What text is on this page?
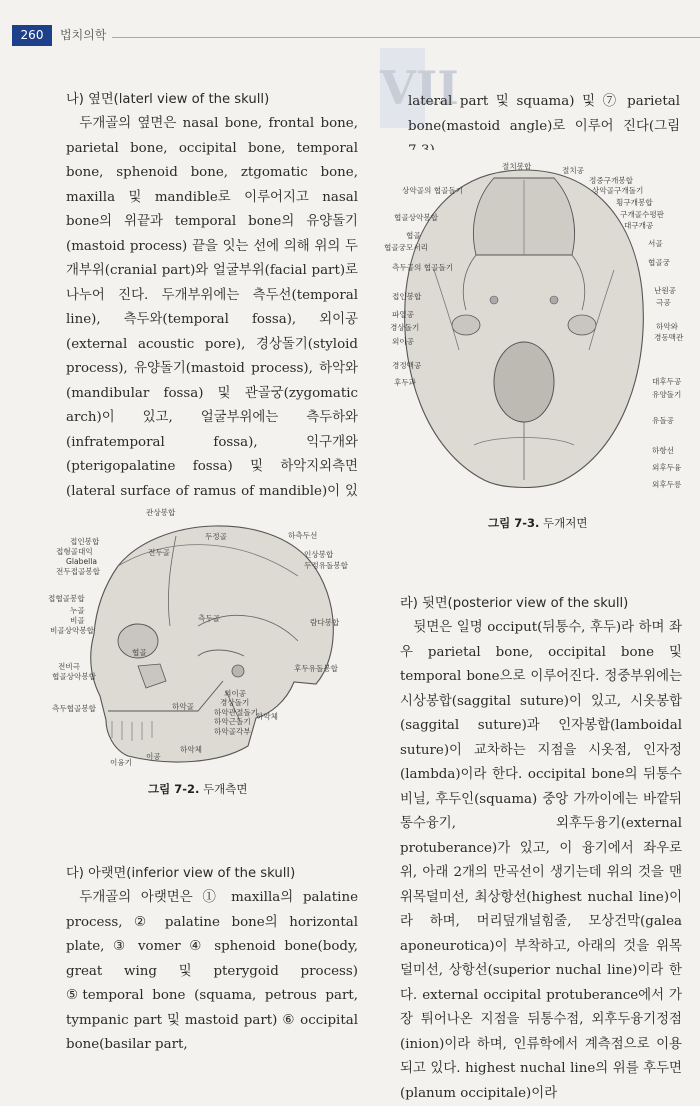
260	법치의학
VII

나) 옆면(laterl view of the skull)

두개골의 옆면은 nasal bone, frontal bone, parietal bone, occipital bone, temporal bone, sphenoid bone, ztgomatic bone, maxilla 및 mandible로 이루어지고 nasal bone의 위끝과 temporal bone의 유양돌기(mastoid process) 끝을 잇는 선에 의해 위의 두개부위(cranial part)와 얼굴부위(facial part)로 나누어 진다. 두개부위에는 측두선(temporal line), 측두와(temporal fossa), 외이공(external acoustic pore), 경상돌기(styloid process), 유양돌기(mastoid process), 하악와(mandibular fossa) 및 관골궁(zygomatic arch)이 있고, 얼굴부위에는 측두하와(infratemporal fossa), 익구개와(pterigopalatine fossa) 및 하악지외측면(lateral surface of ramus of mandible)이 있

관상봉합
두정골	하측두선
접인봉합
접형골대익
Glabella
전두골
전두접골봉합
인상봉합
두정유돌봉합
접협골봉합
누골
비골
비골상악봉합
측두골	람다봉합
전비극
협골상악봉합
협골
후두유돌봉합
외이공
경상돌기
하악관절돌기
하악근돌기
하악체
측두협골봉합	하악골
하악골각부
하악체
이융기
이공
그림 7-2. 두개측면

다) 아랫면(inferior view of the skull)

두개골의 아랫면은 ① maxilla의 palatine process, ② palatine bone의 horizontal plate, ③ vomer ④ sphenoid bone(body, great wing 및 pterygoid process) ⑤temporal bone (squama, petrous part, tympanic part 및 mastoid part) ⑥ occipital bone(basilar part,

lateral part 및 squama) 및 ⑦ parietal bone(mastoid angle)로 이루어 진다(그림

절치봉합	절치공
정중구개봉합
상악골의 협골돌기	상악골구개돌기
횡구개봉합
구개골수평판
대구개공
협골상악봉합
협골
서골
협골궁모서리
협골궁
측두골의 협골돌기
난원공
접인봉합
극공
파열공
경상돌기	하악와
외이공	경동맥관
경정맥공
대후두공
후두과
유양돌기
유돌공
하항선
외후두융
외후두릉
그림 7-3. 두개저면

라) 뒷면(posterior view of the skull)

뒷면은 일명 occiput(뒤통수, 후두)라 하며 좌우 parietal bone, occipital bone 및 temporal bone으로 이루어진다. 정중부위에는 시상봉합(saggital suture)이 있고, 시옷봉합(saggital suture)과 인자봉합(lamboidal suture)이 교차하는 지점을 시옷점, 인자정(lambda)이라 한다. occipital bone의 뒤통수비닐, 후두인(squama) 중앙 가까이에는 바깥뒤통수융기, 외후두융기(external protuberance)가 있고, 이 융기에서 좌우로 위, 아래 2개의 만곡선이 생기는데 위의 것을 맨위목덜미선, 최상항선(highest nuchal line)이라 하며, 머리덮개널힘줄, 모상건막(galea aponeurotica)이 부착하고, 아래의 것을 위목덜미선, 상항선(superior nuchal line)이라 한다. external occipital protuberance에서 가장 튀어나온 지점을 뒤통수점, 외후두융기정점(inion)이라 하며, 인류학에서 계측점으로 이용되고 있다. highest nuchal line의 위를 후두면(planum occipitale)이라
